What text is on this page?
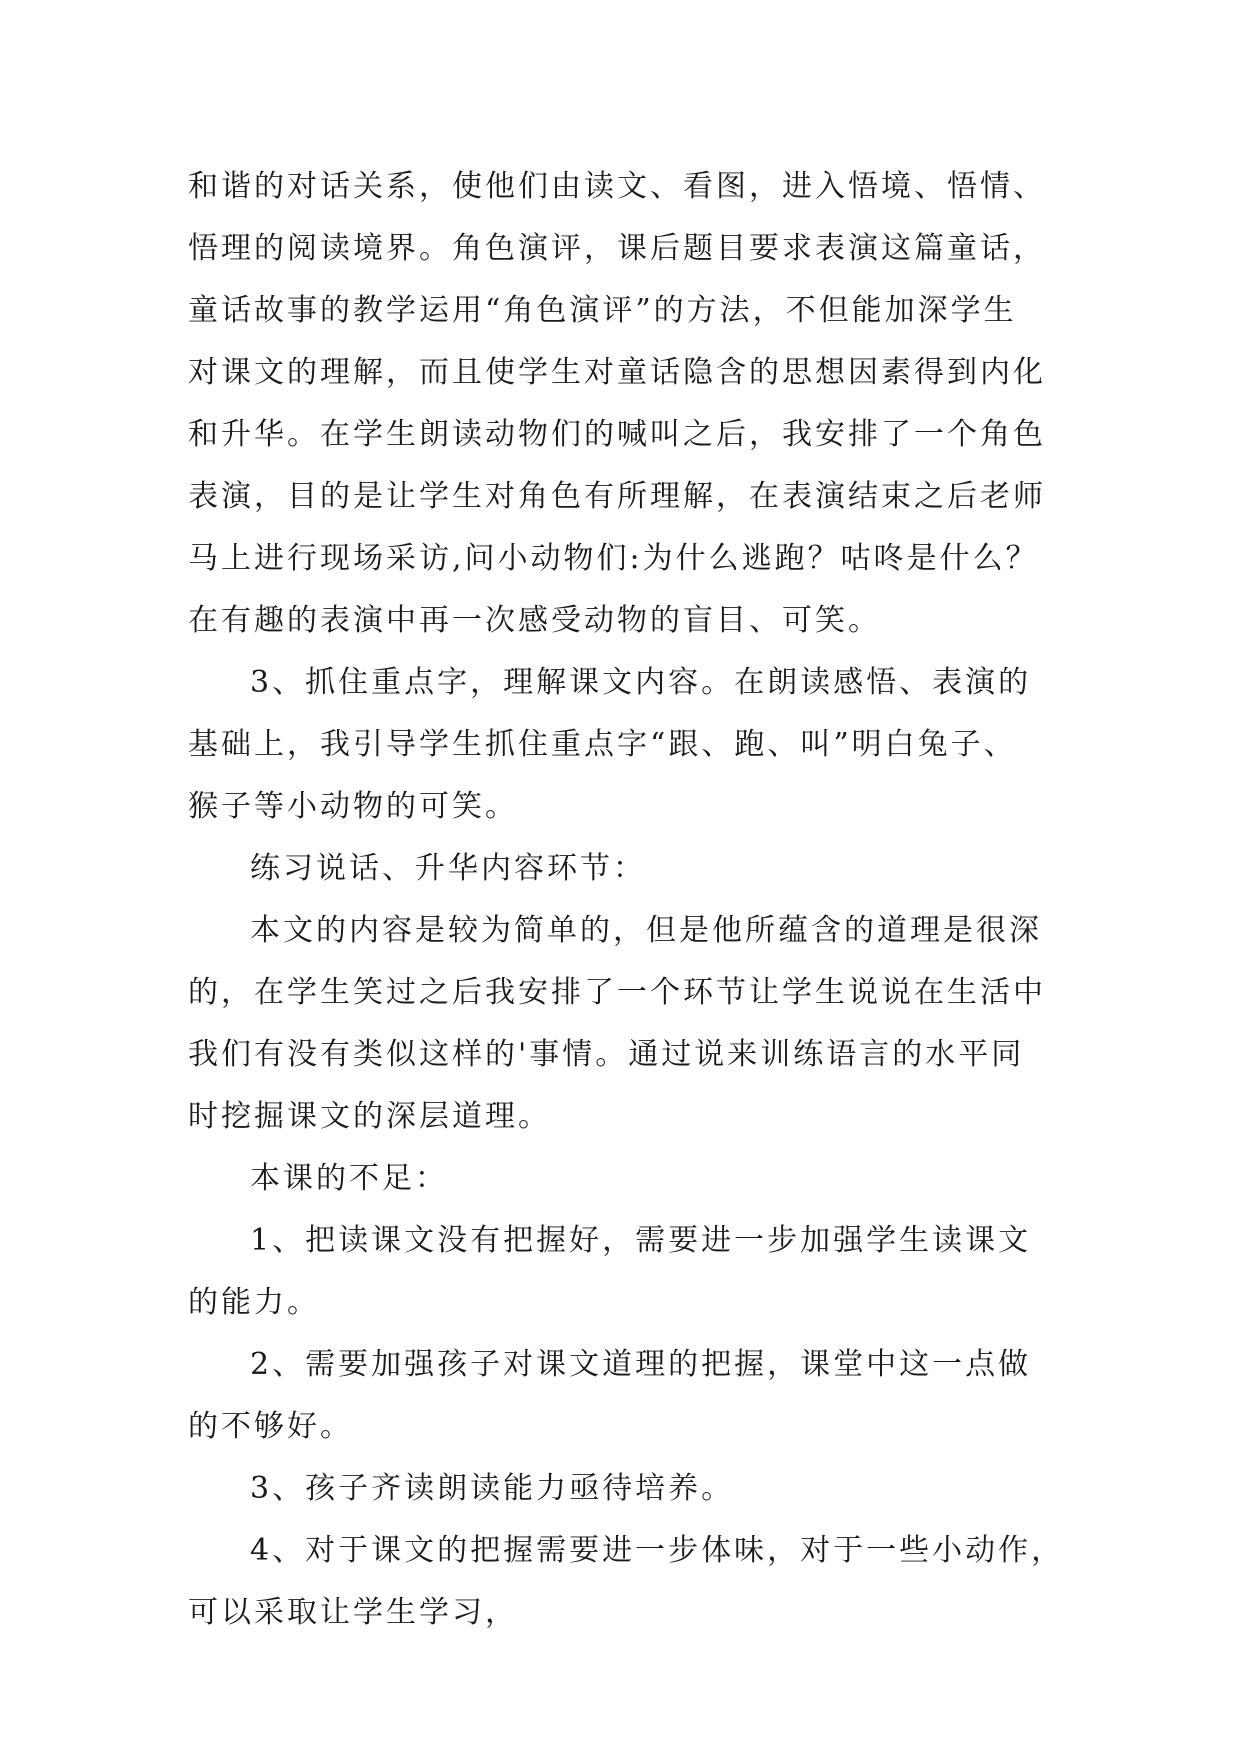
和谐的对话关系，使他们由读文、看图，进入悟境、悟情、
悟理的阅读境界。角色演评，课后题目要求表演这篇童话，
童话故事的教学运用“角色演评”的方法，不但能加深学生
对课文的理解，而且使学生对童话隐含的思想因素得到内化
和升华。在学生朗读动物们的喊叫之后，我安排了一个角色
表演，目的是让学生对角色有所理解，在表演结束之后老师
马上进行现场采访,问小动物们:为什么逃跑？咕咚是什么？
在有趣的表演中再一次感受动物的盲目、可笑。
3、抓住重点字，理解课文内容。在朗读感悟、表演的
基础上，我引导学生抓住重点字“跟、跑、叫”明白兔子、
猴子等小动物的可笑。
练习说话、升华内容环节：
本文的内容是较为简单的，但是他所蕴含的道理是很深
的，在学生笑过之后我安排了一个环节让学生说说在生活中
我们有没有类似这样的'事情。通过说来训练语言的水平同
时挖掘课文的深层道理。
本课的不足：
1、把读课文没有把握好，需要进一步加强学生读课文
的能力。
2、需要加强孩子对课文道理的把握，课堂中这一点做
的不够好。
3、孩子齐读朗读能力亟待培养。
4、对于课文的把握需要进一步体味，对于一些小动作，
可以采取让学生学习，
